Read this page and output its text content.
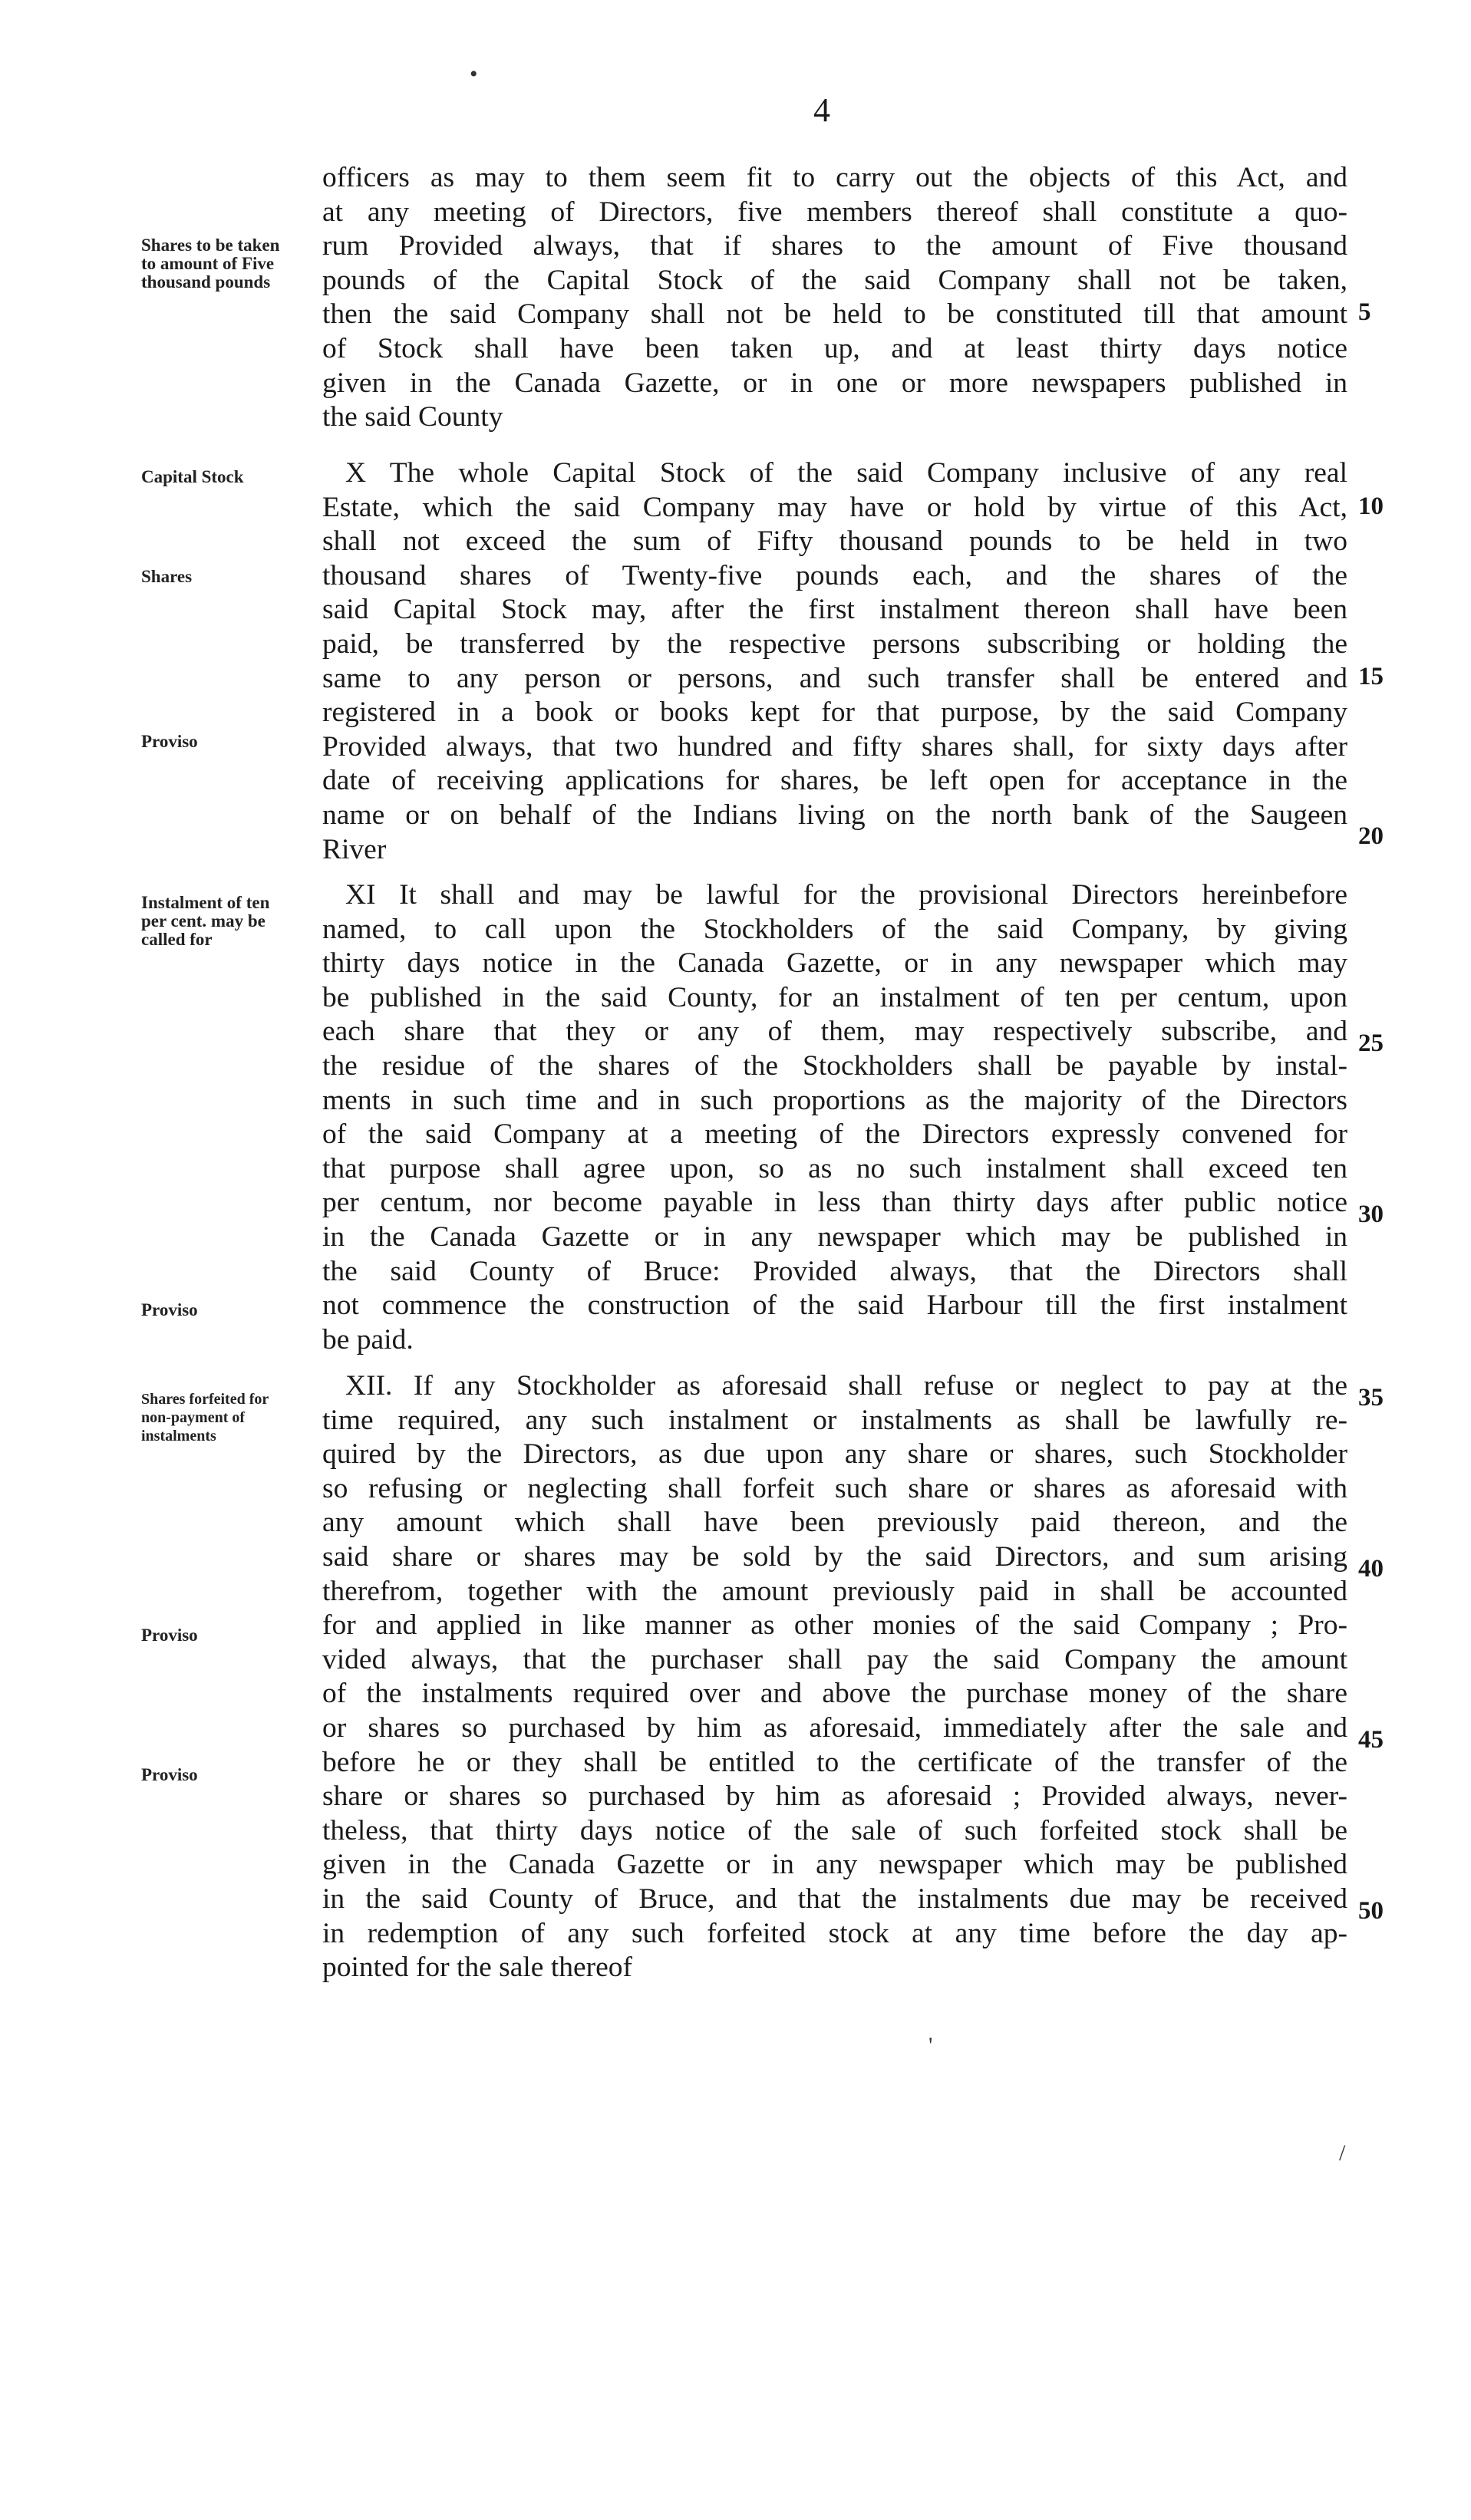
•
4
Shares to be taken to amount of Five thousand pounds
Capital Stock
Shares
Proviso
Instalment of ten per cent. may be called for
Proviso
Shares forfeited for non-payment of instalments
Proviso
Proviso
5
10
15
20
25
30
35
40
45
50
officers as may to them seem fit to carry out the objects of this Act, and
at any meeting of Directors, five members thereof shall constitute a quo-
rum Provided always, that if shares to the amount of Five thousand
pounds of the Capital Stock of the said Company shall not be taken,
then the said Company shall not be held to be constituted till that amount
of Stock shall have been taken up, and at least thirty days notice
given in the Canada Gazette, or in one or more newspapers published in
the said County
X The whole Capital Stock of the said Company inclusive of any real
Estate, which the said Company may have or hold by virtue of this Act,
shall not exceed the sum of Fifty thousand pounds to be held in two
thousand shares of Twenty-five pounds each, and the shares of the
said Capital Stock may, after the first instalment thereon shall have been
paid, be transferred by the respective persons subscribing or holding the
same to any person or persons, and such transfer shall be entered and
registered in a book or books kept for that purpose, by the said Company
Provided always, that two hundred and fifty shares shall, for sixty days after
date of receiving applications for shares, be left open for acceptance in the
name or on behalf of the Indians living on the north bank of the Saugeen
River
XI It shall and may be lawful for the provisional Directors hereinbefore
named, to call upon the Stockholders of the said Company, by giving
thirty days notice in the Canada Gazette, or in any newspaper which may
be published in the said County, for an instalment of ten per centum, upon
each share that they or any of them, may respectively subscribe, and
the residue of the shares of the Stockholders shall be payable by instal-
ments in such time and in such proportions as the majority of the Directors
of the said Company at a meeting of the Directors expressly convened for
that purpose shall agree upon, so as no such instalment shall exceed ten
per centum, nor become payable in less than thirty days after public notice
in the Canada Gazette or in any newspaper which may be published in
the said County of Bruce: Provided always, that the Directors shall
not commence the construction of the said Harbour till the first instalment
be paid.
XII. If any Stockholder as aforesaid shall refuse or neglect to pay at the
time required, any such instalment or instalments as shall be lawfully re-
quired by the Directors, as due upon any share or shares, such Stockholder
so refusing or neglecting shall forfeit such share or shares as aforesaid with
any amount which shall have been previously paid thereon, and the
said share or shares may be sold by the said Directors, and sum arising
therefrom, together with the amount previously paid in shall be accounted
for and applied in like manner as other monies of the said Company ; Pro-
vided always, that the purchaser shall pay the said Company the amount
of the instalments required over and above the purchase money of the share
or shares so purchased by him as aforesaid, immediately after the sale and
before he or they shall be entitled to the certificate of the transfer of the
share or shares so purchased by him as aforesaid ; Provided always, never-
theless, that thirty days notice of the sale of such forfeited stock shall be
given in the Canada Gazette or in any newspaper which may be published
in the said County of Bruce, and that the instalments due may be received
in redemption of any such forfeited stock at any time before the day ap-
pointed for the sale thereof
'
/
